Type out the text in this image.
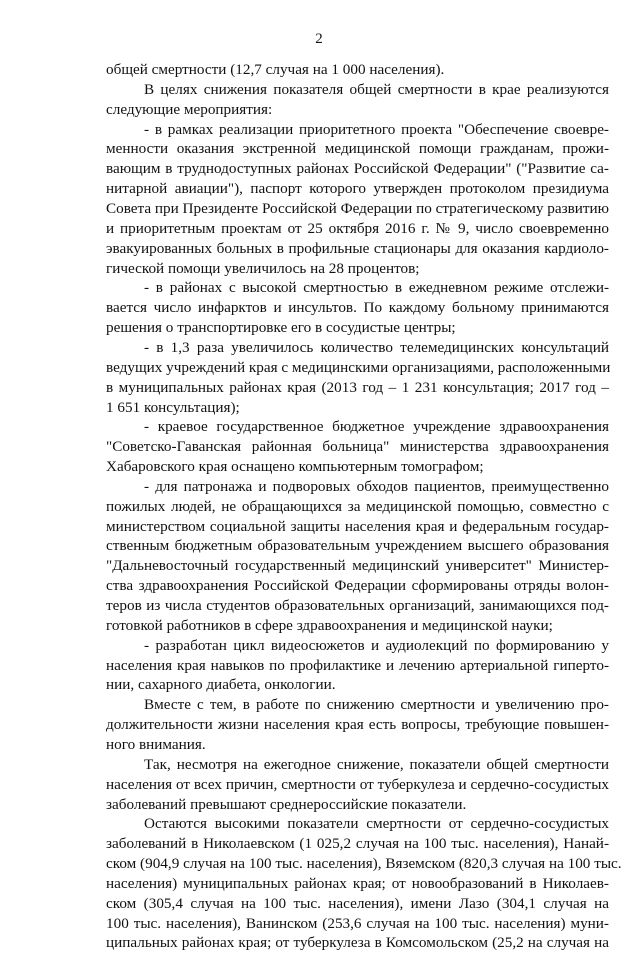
2
общей смертности (12,7 случая на 1 000 населения).
В целях снижения показателя общей смертности в крае реализуются
следующие мероприятия:
- в рамках реализации приоритетного проекта "Обеспечение своевре-
менности оказания экстренной медицинской помощи гражданам, прожи-
вающим в труднодоступных районах Российской Федерации" ("Развитие са-
нитарной авиации"), паспорт которого утвержден протоколом президиума
Совета при Президенте Российской Федерации по стратегическому развитию
и приоритетным проектам от 25 октября 2016 г. № 9, число своевременно
эвакуированных больных в профильные стационары для оказания кардиоло-
гической помощи увеличилось на 28 процентов;
- в районах с высокой смертностью в ежедневном режиме отслежи-
вается число инфарктов и инсультов. По каждому больному принимаются
решения о транспортировке его в сосудистые центры;
- в 1,3 раза увеличилось количество телемедицинских консультаций
ведущих учреждений края с медицинскими организациями, расположенными
в муниципальных районах края (2013 год – 1 231 консультация; 2017 год –
1 651 консультация);
- краевое государственное бюджетное учреждение здравоохранения
"Советско-Гаванская районная больница" министерства здравоохранения
Хабаровского края оснащено компьютерным томографом;
- для патронажа и подворовых обходов пациентов, преимущественно
пожилых людей, не обращающихся за медицинской помощью, совместно с
министерством социальной защиты населения края и федеральным государ-
ственным бюджетным образовательным учреждением высшего образования
"Дальневосточный государственный медицинский университет" Министер-
ства здравоохранения Российской Федерации сформированы отряды волон-
теров из числа студентов образовательных организаций, занимающихся под-
готовкой работников в сфере здравоохранения и медицинской науки;
- разработан цикл видеосюжетов и аудиолекций по формированию у
населения края навыков по профилактике и лечению артериальной гиперто-
нии, сахарного диабета, онкологии.
Вместе с тем, в работе по снижению смертности и увеличению про-
должительности жизни населения края есть вопросы, требующие повышен-
ного внимания.
Так, несмотря на ежегодное снижение, показатели общей смертности
населения от всех причин, смертности от туберкулеза и сердечно-сосудистых
заболеваний превышают среднероссийские показатели.
Остаются высокими показатели смертности от сердечно-сосудистых
заболеваний в Николаевском (1 025,2 случая на 100 тыс. населения), Нанай-
ском (904,9 случая на 100 тыс. населения), Вяземском (820,3 случая на 100 тыс.
населения) муниципальных районах края; от новообразований в Николаев-
ском (305,4 случая на 100 тыс. населения), имени Лазо (304,1 случая на
100 тыс. населения), Ванинском (253,6 случая на 100 тыс. населения) муни-
ципальных районах края; от туберкулеза в Комсомольском (25,2 на случая на
